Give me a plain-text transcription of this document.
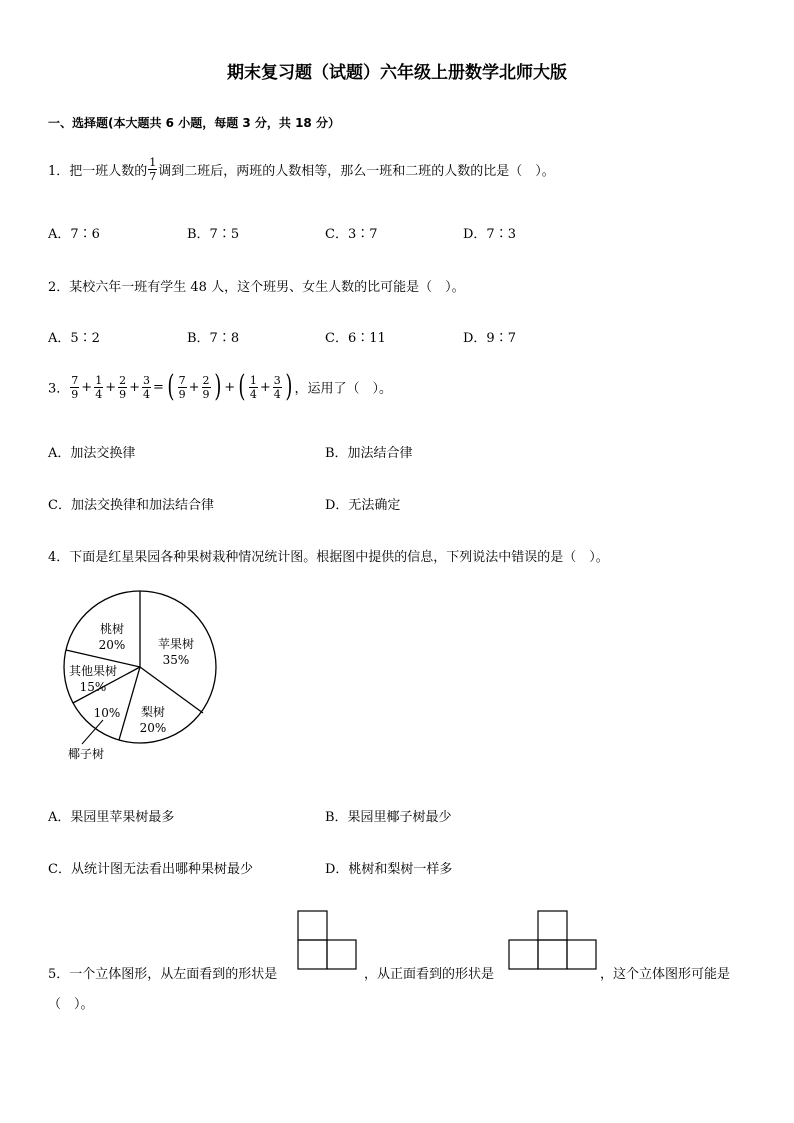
期末复习题（试题）六年级上册数学北师大版
一、选择题(本大题共 6 小题，每题 3 分，共 18 分）
1．把一班人数的 $\frac{1}{7}$ 调到二班后，两班的人数相等，那么一班和二班的人数的比是（　）。
A．7∶6	B．7∶5	C．3∶7	D．7∶3
2．某校六年一班有学生 48 人，这个班男、女生人数的比可能是（　）。
A．5∶2	B．7∶8	C．6∶11	D．9∶7
3． $\frac{7}{9} + \frac{1}{4} + \frac{2}{9} + \frac{3}{4}$ = ( $\frac{7}{9} + \frac{2}{9}$ ) + ( $\frac{1}{4} + \frac{3}{4}$ ) ，运用了（　）。
A．加法交换律	B．加法结合律
C．加法交换律和加法结合律	D．无法确定
4．下面是红星果园各种果树栽种情况统计图。根据图中提供的信息，下列说法中错误的是（　）。
苹果树
35%
梨树
20%
10%
椰子树
其他果树
15%
桃树
20%
A．果园里苹果树最多	B．果园里椰子树最少
C．从统计图无法看出哪种果树最少	D．桃树和梨树一样多
5．一个立体图形，从左面看到的形状是	，从正面看到的形状是	，这个立体图形可能是
（　）。
